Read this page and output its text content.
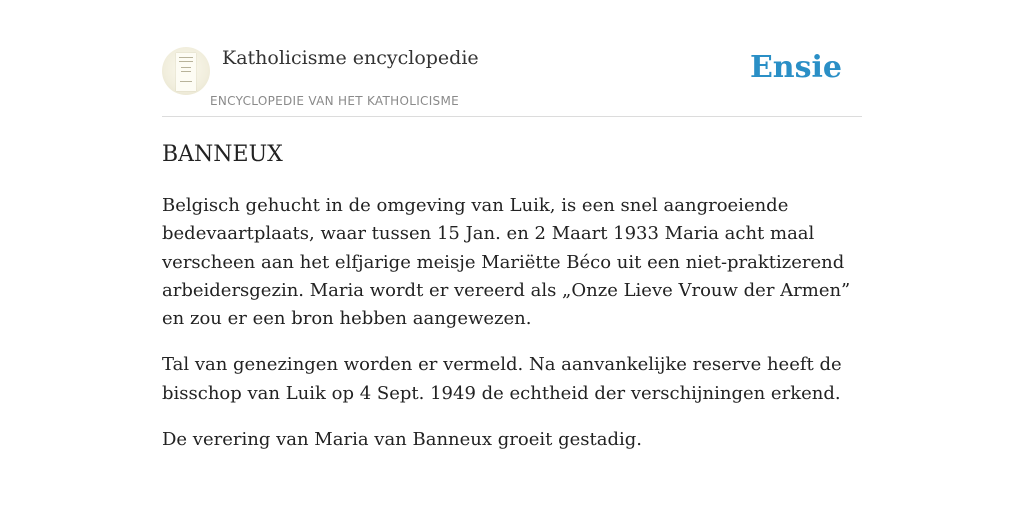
Katholicisme encyclopedie
ENCYCLOPEDIE VAN HET KATHOLICISME
Ensie
BANNEUX

Belgisch gehucht in de omgeving van Luik, is een snel aangroeiende bedevaartplaats, waar tussen 15 Jan. en 2 Maart 1933 Maria acht maal verscheen aan het elfjarige meisje Mariëtte Béco uit een niet-praktizerend arbeidersgezin. Maria wordt er vereerd als „Onze Lieve Vrouw der Armen” en zou er een bron hebben aangewezen.

Tal van genezingen worden er vermeld. Na aanvankelijke reserve heeft de bisschop van Luik op 4 Sept. 1949 de echtheid der verschijningen erkend.

De verering van Maria van Banneux groeit gestadig.
